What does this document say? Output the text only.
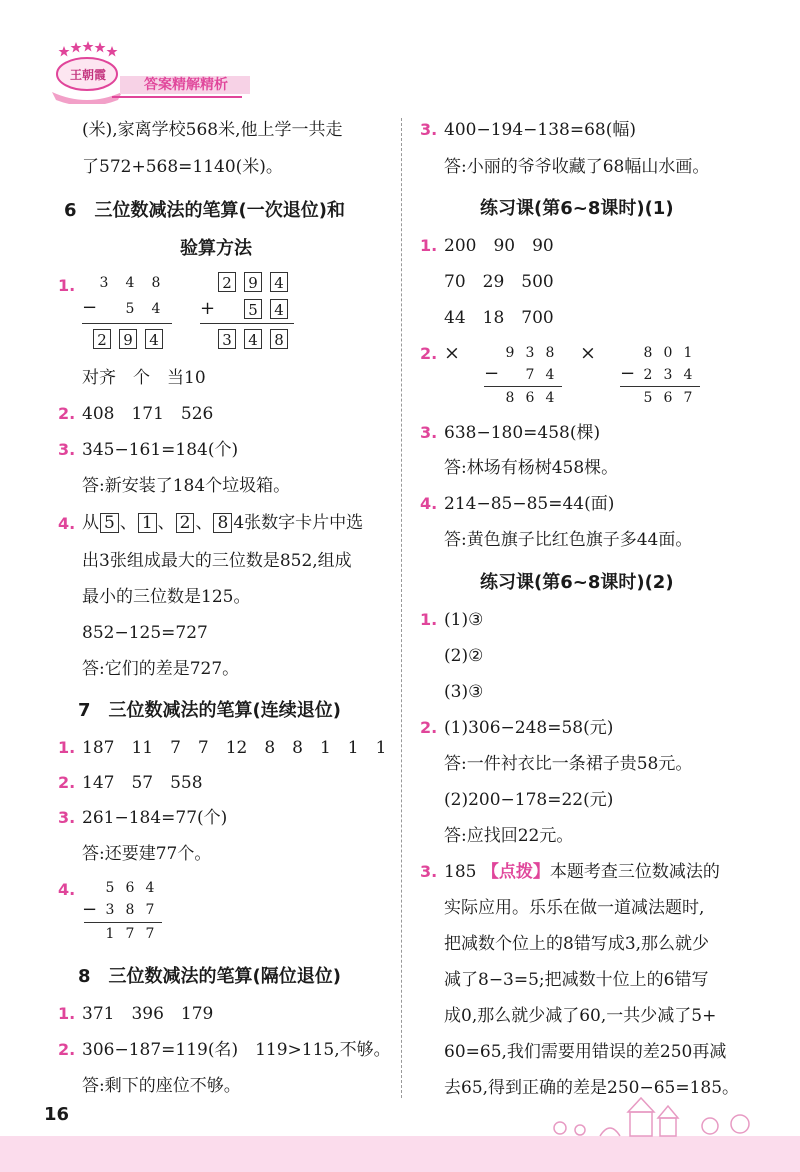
王朝霞
答案精解精析
(米),家离学校568米,他上学一共走
了572+568=1140(米)。
6　三位数减法的笔算(一次退位)和
验算方法
1. 3 4 8
− 5 4
2 9 4
2 9 4
+ 5 4
3 4 8
对齐　个　当10
2. 408　171　526
3. 345−161=184(个)
答:新安装了184个垃圾箱。
4. 从 5 、 1 、 2 、 8 4张数字卡片中选
出3张组成最大的三位数是852,组成
最小的三位数是125。
852−125=727
答:它们的差是727。
7　三位数减法的笔算(连续退位)
1. 187　11　7　7　12　8　8　1　1　1
2. 147　57　558
3. 261−184=77(个)
答:还要建77个。
4. 5 6 4
− 3 8 7
1 7 7
8　三位数减法的笔算(隔位退位)
1. 371　396　179
2. 306−187=119(名)　119>115,不够。
答:剩下的座位不够。
3. 400−194−138=68(幅)
答:小丽的爷爷收藏了68幅山水画。
练习课(第6~8课时)(1)
1. 200　90　90
70　29　500
44　18　700
2. ×	9 3 8
− 7 4
8 6 4
×	8 0 1
− 2 3 4
5 6 7
3. 638−180=458(棵)
答:林场有杨树458棵。
4. 214−85−85=44(面)
答:黄色旗子比红色旗子多44面。
练习课(第6~8课时)(2)
1. (1)③
(2)②
(3)③
2. (1)306−248=58(元)
答:一件衬衣比一条裙子贵58元。
(2)200−178=22(元)
答:应找回22元。
3. 185 【点拨】本题考查三位数减法的
实际应用。乐乐在做一道减法题时,
把减数个位上的8错写成3,那么就少
减了8−3=5;把减数十位上的6错写
成0,那么就少减了60,一共少减了5+
60=65,我们需要用错误的差250再减
去65,得到正确的差是250−65=185。
16
